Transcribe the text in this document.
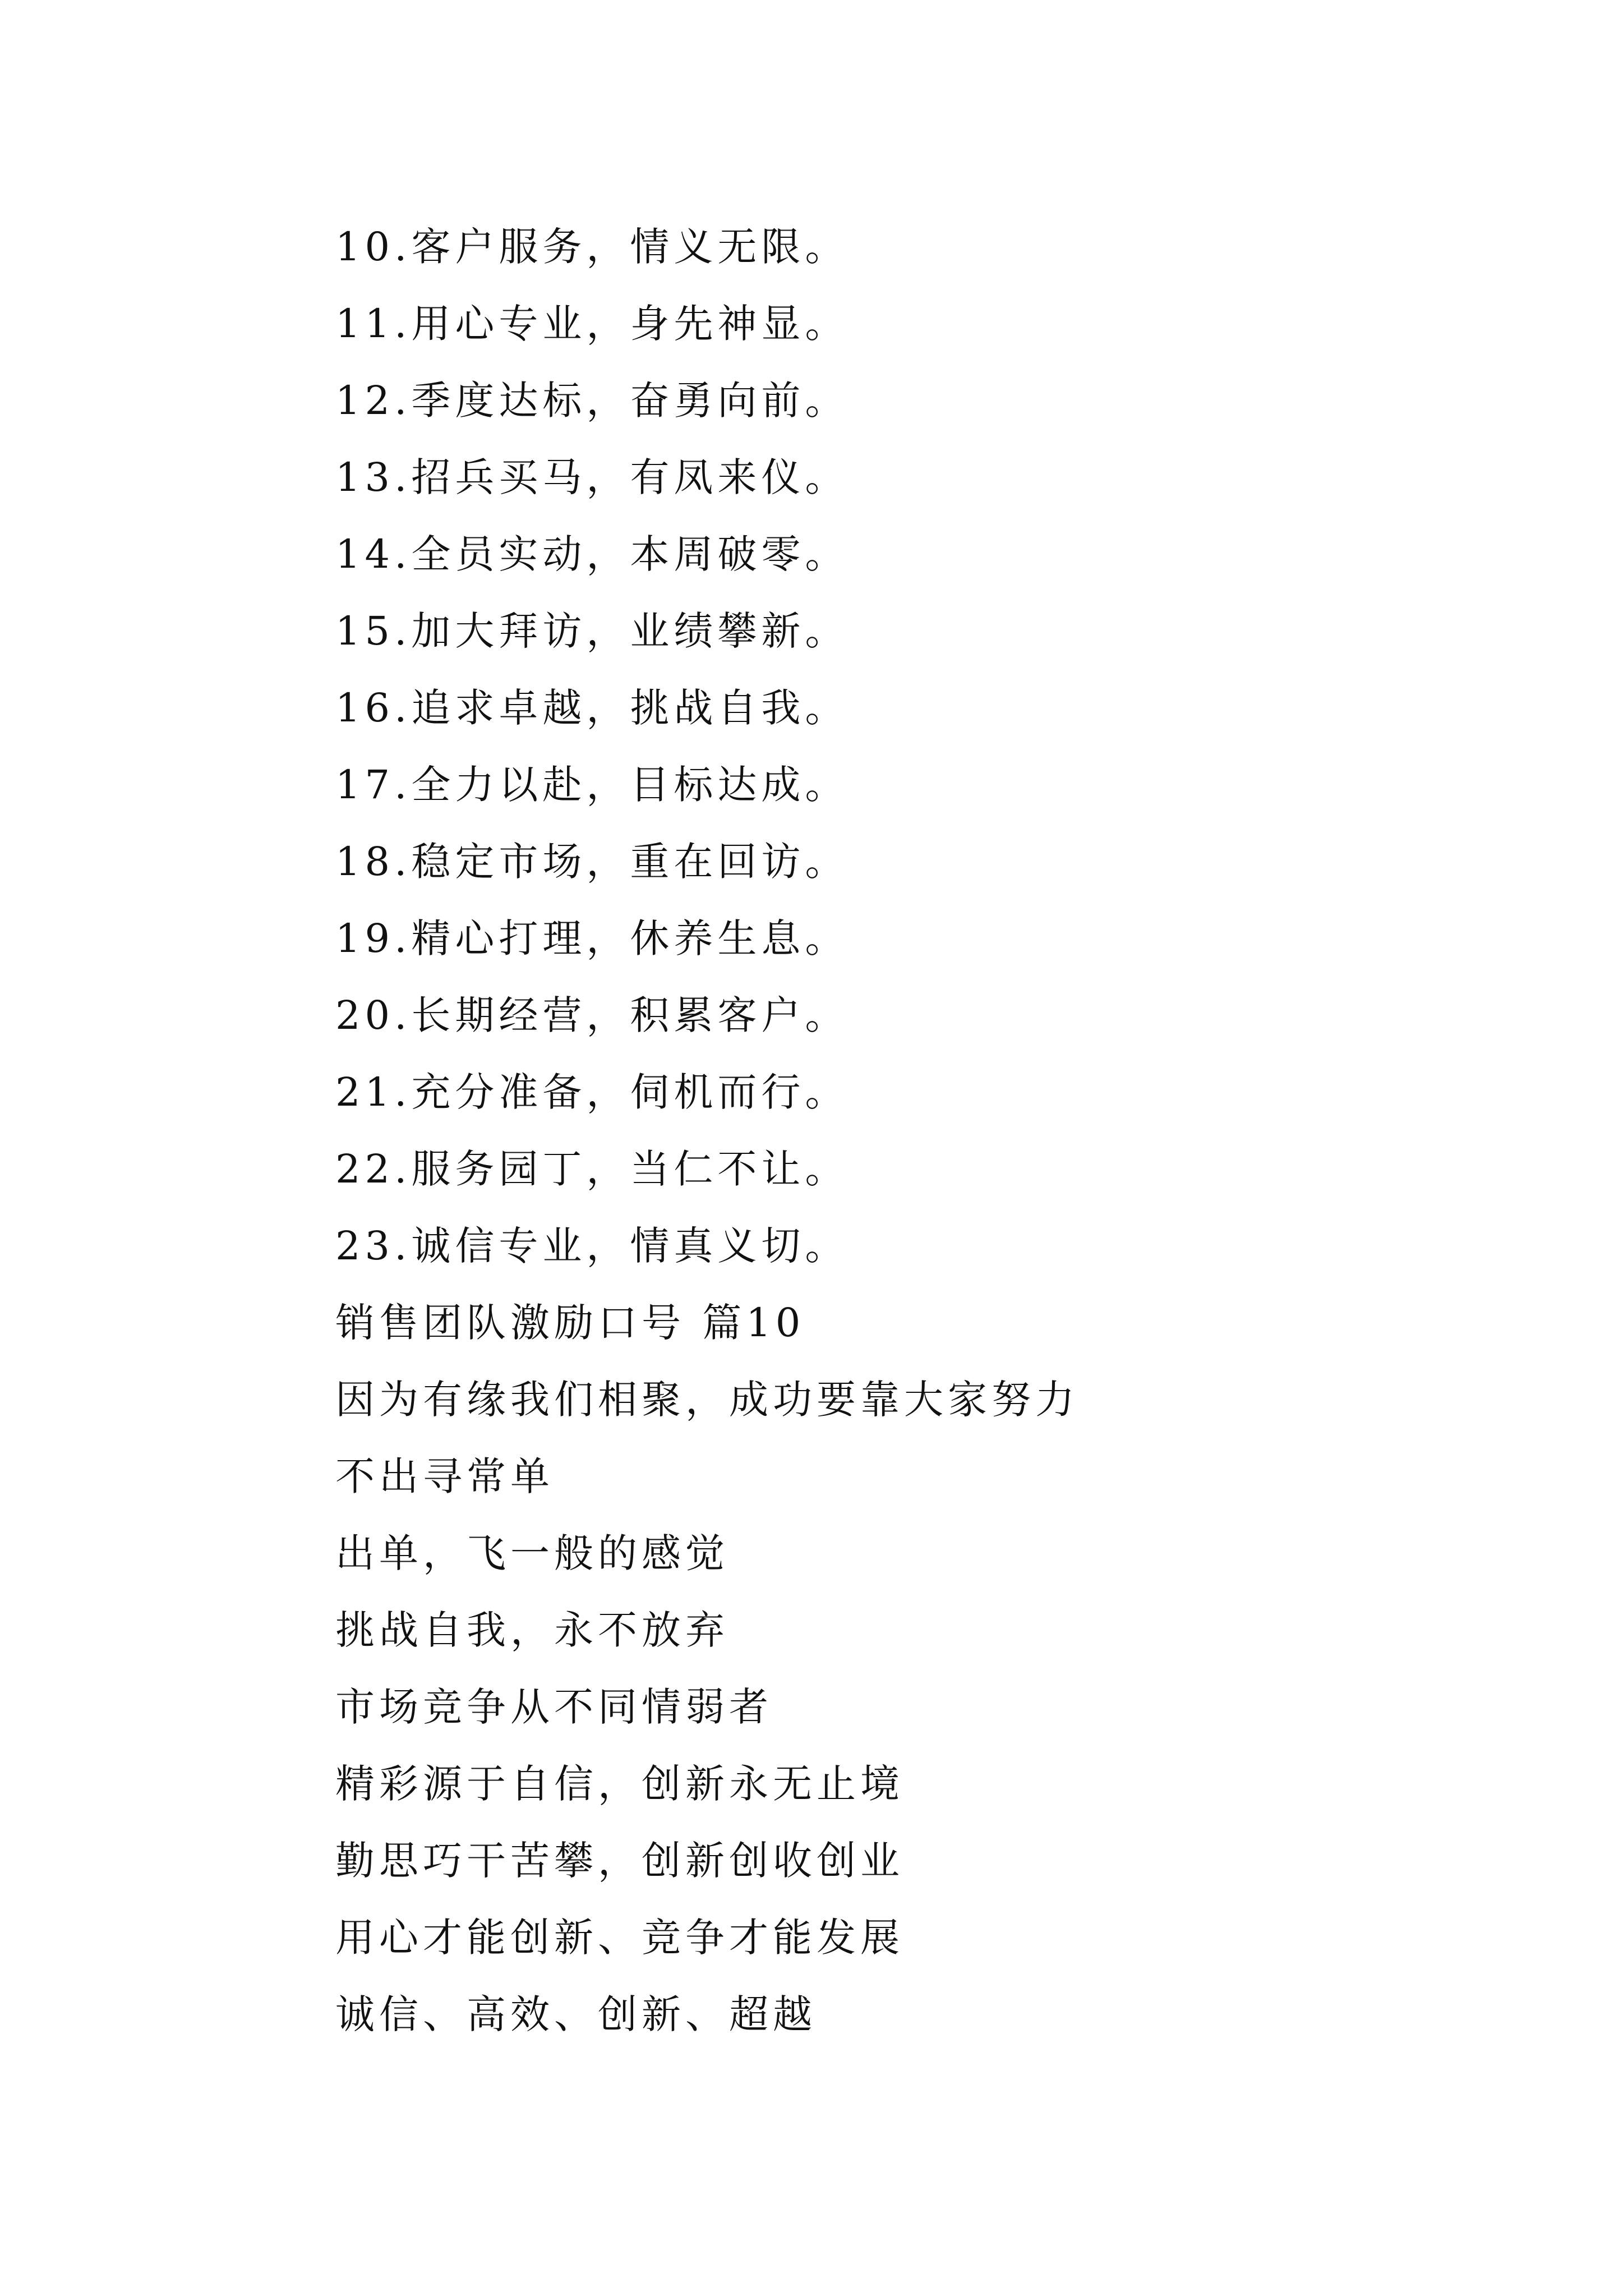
10.客户服务，情义无限。
11.用心专业，身先神显。
12.季度达标，奋勇向前。
13.招兵买马，有凤来仪。
14.全员实动，本周破零。
15.加大拜访，业绩攀新。
16.追求卓越，挑战自我。
17.全力以赴，目标达成。
18.稳定市场，重在回访。
19.精心打理，休养生息。
20.长期经营，积累客户。
21.充分准备，伺机而行。
22.服务园丁，当仁不让。
23.诚信专业，情真义切。
销售团队激励口号 篇10
因为有缘我们相聚，成功要靠大家努力
不出寻常单
出单，飞一般的感觉
挑战自我，永不放弃
市场竞争从不同情弱者
精彩源于自信，创新永无止境
勤思巧干苦攀，创新创收创业
用心才能创新、竞争才能发展
诚信、高效、创新、超越
